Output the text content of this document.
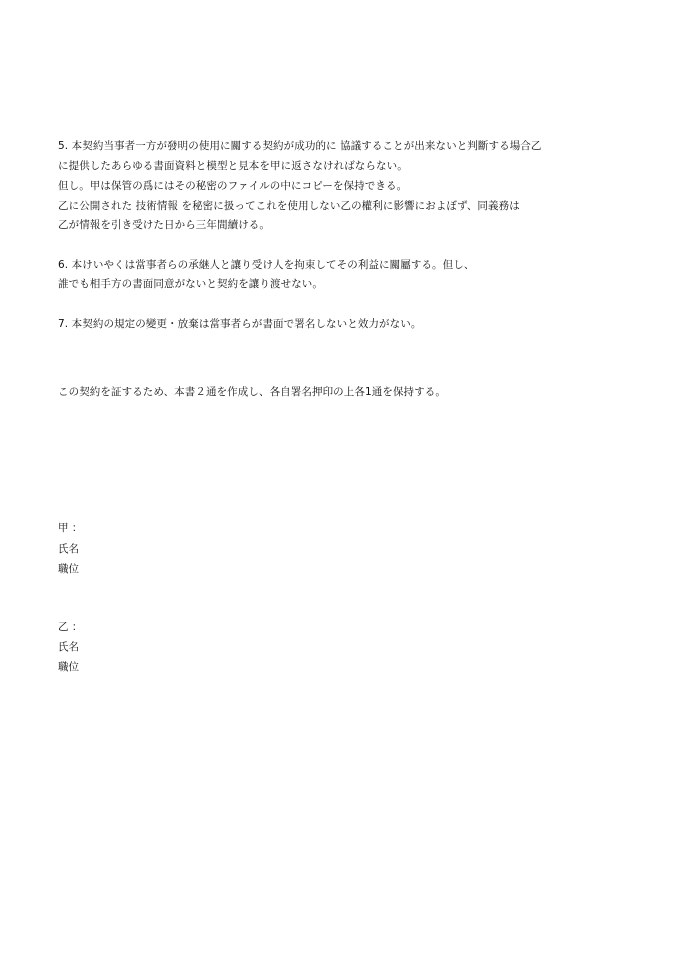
5. 本契約当事者一方が發明の使用に關する契約が成功的に 協議することが出来ないと判斷する場合乙
に提供したあらゆる書面資料と模型と見本を甲に返さなければならない。
但し。甲は保管の爲にはその秘密のファイルの中にコピーを保持できる。
乙に公開された 技術情報 を秘密に扱ってこれを使用しない乙の權利に影響におよぼず、同義務は
乙が情報を引き受けた日から三年間續ける。
6. 本けいやくは當事者らの承継人と讓り受け人を拘束してその利益に關屬する。但し、
誰でも相手方の書面同意がないと契約を讓り渡せない。
7. 本契約の規定の變更・放棄は當事者らが書面で署名しないと效力がない。
この契約を証するため、本書２通を作成し、各自署名押印の上各1通を保持する。
甲 ：
氏名
職位
乙 ：
氏名
職位
